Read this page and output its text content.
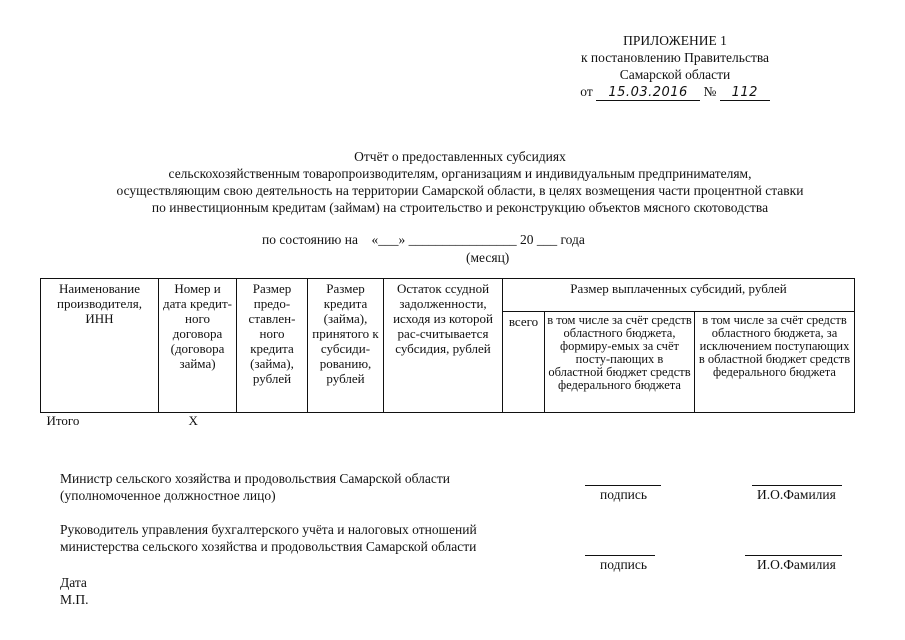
ПРИЛОЖЕНИЕ 1
к постановлению Правительства
Самарской области
от 15.03.2016 № 112
Отчёт о предоставленных субсидиях
сельскохозяйственным товаропроизводителям, организациям и индивидуальным предпринимателям,
осуществляющим свою деятельность на территории Самарской области, в целях возмещения части процентной ставки
по инвестиционным кредитам (займам) на строительство и реконструкцию объектов мясного скотоводства
по состоянию на    «___» ________________ 20 ___ года
(месяц)
Наименование производителя, ИНН	Номер и дата кредит-ного договора (договора займа)	Размер предо-ставлен-ного кредита (займа), рублей	Размер кредита (займа), принятого к субсиди-рованию, рублей	Остаток ссудной задолженности, исходя из которой рас-считывается субсидия, рублей	Размер выплаченных субсидий, рублей		
					всего	в том числе за счёт средств областного бюджета, формиру-емых за счёт посту-пающих в областной бюджет средств федерального бюджета	в том числе за счёт средств областного бюджета, за исключением поступающих в областной бюджет средств федерального бюджета
Итого	X						
Министр сельского хозяйства и продовольствия Самарской области
(уполномоченное должностное лицо)	подпись	И.О.Фамилия
Руководитель управления бухгалтерского учёта и налоговых отношений
министерства сельского хозяйства и продовольствия Самарской области
подпись	И.О.Фамилия
Дата
М.П.
